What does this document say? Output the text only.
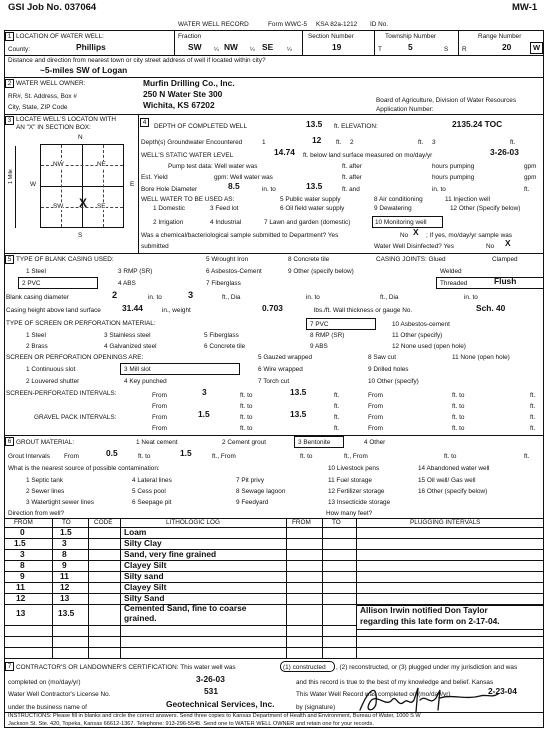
GSI Job No. 037064	MW-1
WATER WELL RECORD	Form WWC-5 KSA 82a-1212 ID No.
1 LOCATION OF WATER WELL:	Fraction	Section Number	Township Number	Range Number
County:	Phillips	SW ¼ NW ¼ SE ¼	19	T	5	S R	20	W
Distance and direction from nearest town or city street address of well if located within city?
~5-miles SW of Logan
2 WATER WELL OWNER:	Murfin Drilling Co., Inc.
RR#, St. Address, Box #	250 N Water Ste 300
City, State, ZIP Code	Wichita, KS 67202	Board of Agriculture, Division of Water Resources
Application Number:
3 LOCATE WELL'S LOCATON WITH
AN "X" IN SECTION BOX:
N
S
W	E
1 Mile
NW	NE
SW	SE
X
4
DEPTH OF COMPLETED WELL	13.5 ft. ELEVATION:	2135.24 TOC
Depth(s) Groundwater Encountered	1	12 ft. 2	ft. 3	ft.
WELL'S STATIC WATER LEVEL	14.74 ft. below land surface measured on mo/day/yr	3-26-03
Pump test data: Well water was	ft. after	hours pumping	gpm
Est. Yield	gpm: Well water was	ft. after	hours pumping	gpm
Bore Hole Diameter	8.5	in. to	13.5	ft. and	in. to	ft.
WELL WATER TO BE USED AS:
1 Domestic	3 Feed lot
5 Public water supply
6 Oil field water supply
8 Air conditioning
9 Dewatering
11 Injection well
12 Other (Specify below)
2 Irrigation	4 Industrial	7 Lawn and garden (domestic)	10 Monitoring well
Was a chemical/bacteriological sample submitted to Department? Yes	No X ; If yes, mo/day/yr sample was
submitted	Water Well Disinfected? Yes	No X
5 TYPE OF BLANK CASING USED:
1 Steel
2 PVC
3 RMP (SR)
4 ABS
5 Wrought Iron
6 Asbestos-Cement
7 Fiberglass
8 Concrete tile
9 Other (specify below)
CASING JOINTS: Glued	Clamped
Welded
Threaded	Flush
Blank casing diameter	2	in. to	3	ft., Dia	in. to	ft., Dia	in. to
Casing height above land surface	31.44	in., weight	0.703	lbs./ft. Wall thickness or gauge No.	Sch. 40
TYPE OF SCREEN OR PERFORATION MATERIAL:
1 Steel
2 Brass
3 Stainless steel
4 Galvanized steel
5 Fiberglass
6 Concrete tile
7 PVC
8 RMP (SR)
9 ABS
10 Asbestos-cement
11 Other (specify)
12 None used (open hole)
SCREEN OR PERFORATION OPENINGS ARE:
1 Continuous slot
2 Louvered shutter
3 Mill slot
4 Key punched
5 Gauzed wrapped
6 Wire wrapped
7 Torch cut
8 Saw cut
9 Drilled holes
10 Other (specify)
11 None (open hole)
SCREEN-PERFORATED INTERVALS:	From	3	ft. to	13.5	ft.	From	ft. to	ft.
From	ft. to	ft.	From	ft. to	ft.
GRAVEL PACK INTERVALS:	From	1.5	ft. to	13.5	ft.	From	ft. to	ft.
From	ft. to	ft.	From	ft. to	ft.
6 GROUT MATERIAL:	1 Neat cement	2 Cement grout	3 Bentonite	4 Other
Grout Intervals From	0.5	ft. to	1.5	ft., From	ft. to	ft., From	ft. to	ft.
What is the nearest source of possible contamination:
1 Septic tank
2 Sewer lines
3 Watertight sewer lines
4 Lateral lines
5 Cess pool
6 Seepage pit
7 Pit privy
8 Sewage lagoon
9 Feedyard
10 Livestock pens
11 Fuel storage
12 Fertilizer storage
13 Insecticide storage
14 Abandoned water well
15 Oil well/ Gas well
16 Other (specify below)
Direction from well?	How many feet?
FROM	TO	CODE	LITHOLOGIC LOG	FROM	TO	PLUGGING INTERVALS
0	1.5	Loam
1.5	3	Silty Clay
3	8	Sand, very fine grained
8	9	Clayey Silt
9	11	Silty sand
11	12	Clayey Silt
12	13	Silty Sand
13	13.5	Cemented Sand, fine to coarse
grained.
Allison Irwin notified Don Taylor
regarding this late form on 2-17-04.
7 CONTRACTOR'S OR LANDOWNER'S CERTIFICATION: This water well was	(1) constructed , (2) reconstructed, or (3) plugged under my jurisdiction and was
completed on (mo/day/yr)	3-26-03	and this record is true to the best of my knowledge and belief. Kansas
Water Well Contractor's License No.	531	This Water Well Record was completed on (mo/day/yr)	2-23-04
under the business name of	Geotechnical Services, Inc.	by (signature)
INSTRUCTIONS: Please fill in blanks and circle the correct answers. Send three copies to Kansas Department of Health and Environment, Bureau of Water, 1000 S W
Jackson St. Ste. 420, Topeka, Kansas 66612-1367. Telephone: 913-296-5545. Send one to WATER WELL OWNER and retain one for your records.
